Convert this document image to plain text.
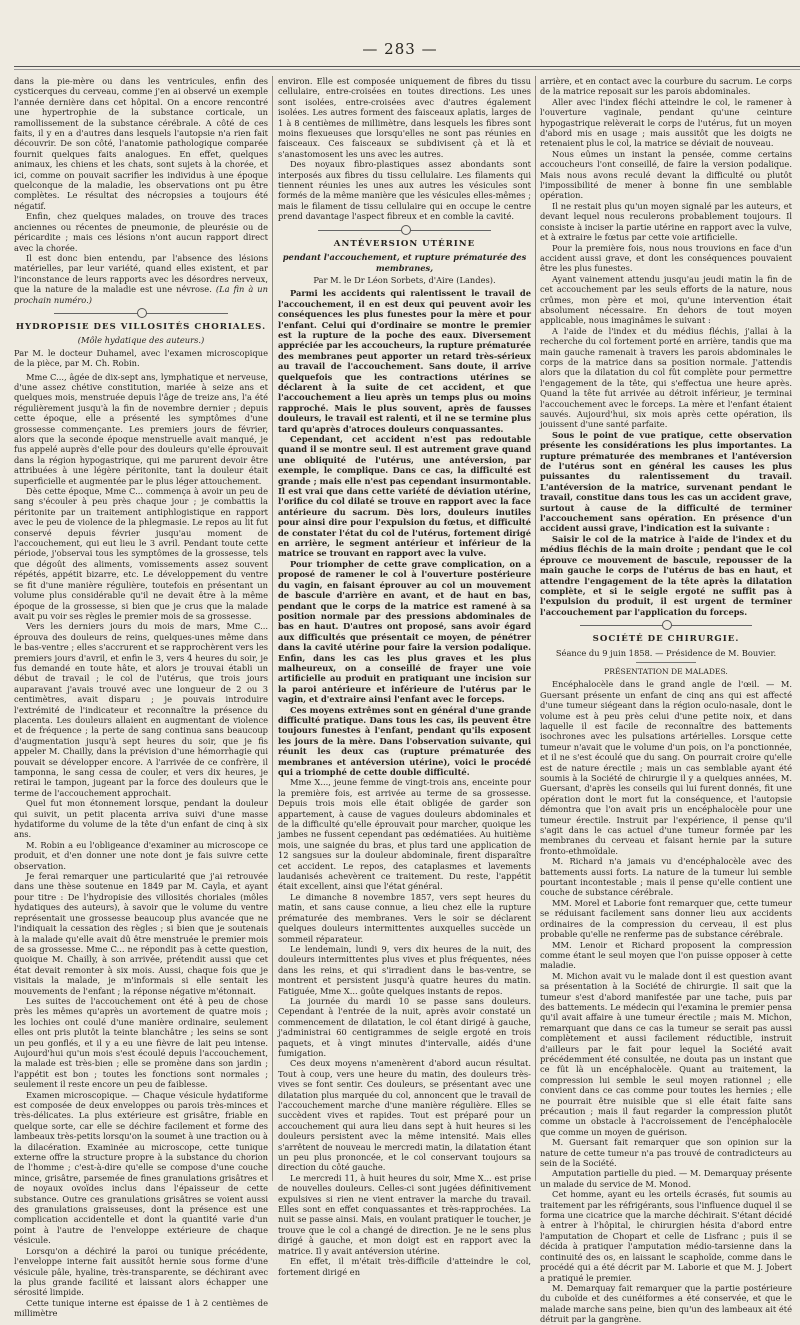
— 283 —

dans la pie-mère ou dans les ventricules, enfin des cysticerques du cerveau, comme j'en ai observé un exemple l'année dernière dans cet hôpital. On a encore rencontré une hypertrophie de la substance corticale, un ramollissement de la substance cérébrale. A côté de ces faits, il y en a d'autres dans lesquels l'autopsie n'a rien fait découvrir. De son côté, l'anatomie pathologique comparée fournit quelques faits analogues. En effet, quelques animaux, les chiens et les chats, sont sujets à la chorée, et ici, comme on pouvait sacrifier les individus à une époque quelconque de la maladie, les observations ont pu être complètes. Le résultat des nécropsies a toujours été négatif.

Enfin, chez quelques malades, on trouve des traces anciennes ou récentes de pneumonie, de pleurésie ou de péricardite ; mais ces lésions n'ont aucun rapport direct avec la chorée.

Il est donc bien entendu, par l'absence des lésions matérielles, par leur variété, quand elles existent, et par l'inconstance de leurs rapports avec les désordres nerveux, que la nature de la maladie est une névrose. (La fin à un prochain numéro.)

HYDROPISIE DES VILLOSITÉS CHORIALES.
(Môle hydatique des auteurs.)

Par M. le docteur Duhamel, avec l'examen microscopique de la pièce, par M. Ch. Robin.

Mme C..., âgée de dix-sept ans, lymphatique et nerveuse, d'une assez chétive constitution, mariée à seize ans et quelques mois, menstruée depuis l'âge de treize ans, l'a été régulièrement jusqu'à la fin de novembre dernier ; depuis cette époque, elle a présenté les symptômes d'une grossesse commençante. Les premiers jours de février, alors que la seconde époque menstruelle avait manqué, je fus appelé auprès d'elle pour des douleurs qu'elle éprouvait dans la région hypogastrique, qui me parurent devoir être attribuées à une légère péritonite, tant la douleur était superficielle et augmentée par le plus léger attouchement.

Dès cette époque, Mme C... commença à avoir un peu de sang s'écouler à peu près chaque jour ; je combattis la péritonite par un traitement antiphlogistique en rapport avec le peu de violence de la phlegmasie. Le repos au lit fut conservé depuis février jusqu'au moment de l'accouchement, qui eut lieu le 3 avril. Pendant toute cette période, j'observai tous les symptômes de la grossesse, tels que dégoût des aliments, vomissements assez souvent répétés, appétit bizarre, etc. Le développement du ventre se fit d'une manière régulière, toutefois en présentant un volume plus considérable qu'il ne devait être à la même époque de la grossesse, si bien que je crus que la malade avait pu voir ses règles le premier mois de sa grossesse.

Vers les derniers jours du mois de mars, Mme C... éprouva des douleurs de reins, quelques-unes même dans le bas-ventre ; elles s'accrurent et se rapprochèrent vers les premiers jours d'avril, et enfin le 3, vers 4 heures du soir, je fus demandé en toute hâte, et alors je trouvai établi un début de travail ; le col de l'utérus, que trois jours auparavant j'avais trouvé avec une longueur de 2 ou 3 centimètres, avait disparu ; je pouvais introduire l'extrémité de l'indicateur et reconnaître la présence du placenta. Les douleurs allaient en augmentant de violence et de fréquence ; la perte de sang continua sans beaucoup d'augmentation jusqu'à sept heures du soir, que je fis appeler M. Chailly, dans la prévision d'une hémorrhagie qui pouvait se développer encore. A l'arrivée de ce confrère, il tamponna, le sang cessa de couler, et vers dix heures, je retirai le tampon, jugeant par la force des douleurs que le terme de l'accouchement approchait.

Quel fut mon étonnement lorsque, pendant la douleur qui suivit, un petit placenta arriva suivi d'une masse hydatiforme du volume de la tête d'un enfant de cinq à six ans.

M. Robin a eu l'obligeance d'examiner au microscope ce produit, et d'en donner une note dont je fais suivre cette observation.

Je ferai remarquer une particularité que j'ai retrouvée dans une thèse soutenue en 1849 par M. Cayla, et ayant pour titre : De l'hydropisie des villosités choriales (môles hydatiques des auteurs), à savoir que le volume du ventre représentait une grossesse beaucoup plus avancée que ne l'indiquait la cessation des règles ; si bien que je soutenais à la malade qu'elle avait dû être menstruée le premier mois de sa grossesse. Mme C... ne répondit pas à cette question, quoique M. Chailly, à son arrivée, prétendit aussi que cet état devait remonter à six mois. Aussi, chaque fois que je visitais la malade, je m'informais si elle sentait les mouvements de l'enfant ; la réponse négative m'étonnait.

Les suites de l'accouchement ont été à peu de chose près les mêmes qu'après un avortement de quatre mois ; les lochies ont coulé d'une manière ordinaire, seulement elles ont pris plutôt la teinte blanchâtre ; les seins se sont un peu gonflés, et il y a eu une fièvre de lait peu intense. Aujourd'hui qu'un mois s'est écoulé depuis l'accouchement, la malade est très-bien ; elle se promène dans son jardin ; l'appétit est bon ; toutes les fonctions sont normales ; seulement il reste encore un peu de faiblesse.

Examen microscopique. — Chaque vésicule hydatiforme est composée de deux enveloppes ou parois très-minces et très-délicates. La plus extérieure est grisâtre, friable en quelque sorte, car elle se déchire facilement et forme des lambeaux très-petits lorsqu'on la soumet à une traction ou à la dilacération. Examinée au microscope, cette tunique externe offre la structure propre à la substance du chorion de l'homme ; c'est-à-dire qu'elle se compose d'une couche mince, grisâtre, parsemée de fines granulations grisâtres et de noyaux ovoïdes inclus dans l'épaisseur de cette substance. Outre ces granulations grisâtres se voient aussi des granulations graisseuses, dont la présence est une complication accidentelle et dont la quantité varie d'un point à l'autre de l'enveloppe extérieure de chaque vésicule.

Lorsqu'on a déchiré la paroi ou tunique précédente, l'enveloppe interne fait aussitôt hernie sous forme d'une vésicule pâle, hyaline, très-transparente, se déchirant avec la plus grande facilité et laissant alors échapper une sérosité limpide.

Cette tunique interne est épaisse de 1 à 2 centièmes de millimètre

environ. Elle est composée uniquement de fibres du tissu cellulaire, entre-croisées en toutes directions. Les unes sont isolées, entre-croisées avec d'autres également isolées. Les autres forment des faisceaux aplatis, larges de 1 à 8 centièmes de millimètre, dans lesquels les fibres sont moins flexueuses que lorsqu'elles ne sont pas réunies en faisceaux. Ces faisceaux se subdivisent çà et là et s'anastomosent les uns avec les autres.

Des noyaux fibro-plastiques assez abondants sont interposés aux fibres du tissu cellulaire. Les filaments qui tiennent réunies les unes aux autres les vésicules sont formés de la même manière que les vésicules elles-mêmes ; mais le filament de tissu cellulaire qui en occupe le centre prend davantage l'aspect fibreux et en comble la cavité.

ANTÉVERSION UTÉRINE
pendant l'accouchement, et rupture prématurée des membranes,

Par M. le Dr Léon Sorbets, d'Aire (Landes).

Parmi les accidents qui ralentissent le travail de l'accouchement, il en est deux qui peuvent avoir les conséquences les plus funestes pour la mère et pour l'enfant. Celui qui d'ordinaire se montre le premier est la rupture de la poche des eaux. Diversement appréciée par les accoucheurs, la rupture prématurée des membranes peut apporter un retard très-sérieux au travail de l'accouchement. Sans doute, il arrive quelquefois que les contractions utérines se déclarent à la suite de cet accident, et que l'accouchement a lieu après un temps plus ou moins rapproché. Mais le plus souvent, après de fausses douleurs, le travail est ralenti, et il ne se termine plus tard qu'après d'atroces douleurs conquassantes.

Cependant, cet accident n'est pas redoutable quand il se montre seul. Il est autrement grave quand une obliquité de l'utérus, une antéversion, par exemple, le complique. Dans ce cas, la difficulté est grande ; mais elle n'est pas cependant insurmontable. Il est vrai que dans cette variété de déviation utérine, l'orifice du col dilaté se trouve en rapport avec la face antérieure du sacrum. Dès lors, douleurs inutiles pour ainsi dire pour l'expulsion du fœtus, et difficulté de constater l'état du col de l'utérus, fortement dirigé en arrière, le segment antérieur et inférieur de la matrice se trouvant en rapport avec la vulve.

Pour triompher de cette grave complication, on a proposé de ramener le col à l'ouverture postérieure du vagin, en faisant éprouver au col un mouvement de bascule d'arrière en avant, et de haut en bas, pendant que le corps de la matrice est ramené à sa position normale par des pressions abdominales de bas en haut. D'autres ont proposé, sans avoir égard aux difficultés que présentait ce moyen, de pénétrer dans la cavité utérine pour faire la version podalique. Enfin, dans les cas les plus graves et les plus malheureux, on a conseillé de frayer une voie artificielle au produit en pratiquant une incision sur la paroi antérieure et inférieure de l'utérus par le vagin, et d'extraire ainsi l'enfant avec le forceps.

Ces moyens extrêmes sont en général d'une grande difficulté pratique. Dans tous les cas, ils peuvent être toujours funestes à l'enfant, pendant qu'ils exposent les jours de la mère. Dans l'observation suivante, qui réunit les deux cas (rupture prématurée des membranes et antéversion utérine), voici le procédé qui a triomphé de cette double difficulté.

Mme X..., jeune femme de vingt-trois ans, enceinte pour la première fois, est arrivée au terme de sa grossesse. Depuis trois mois elle était obligée de garder son appartement, à cause de vagues douleurs abdominales et de la difficulté qu'elle éprouvait pour marcher, quoique les jambes ne fussent cependant pas œdématiées. Au huitième mois, une saignée du bras, et plus tard une application de 12 sangsues sur la douleur abdominale, firent disparaître cet accident. Le repos, des cataplasmes et lavements laudanisés achevèrent ce traitement. Du reste, l'appétit était excellent, ainsi que l'état général.

Le dimanche 8 novembre 1857, vers sept heures du matin, et sans cause connue, a lieu chez elle la rupture prématurée des membranes. Vers le soir se déclarent quelques douleurs intermittentes auxquelles succède un sommeil réparateur.

Le lendemain, lundi 9, vers dix heures de la nuit, des douleurs intermittentes plus vives et plus fréquentes, nées dans les reins, et qui s'irradient dans le bas-ventre, se montrent et persistent jusqu'à quatre heures du matin. Fatiguée, Mme X... goûte quelques instants de repos.

La journée du mardi 10 se passe sans douleurs. Cependant à l'entrée de la nuit, après avoir constaté un commencement de dilatation, le col étant dirigé à gauche, j'administrai 60 centigrammes de seigle ergoté en trois paquets, et à vingt minutes d'intervalle, aidés d'une fumigation.

Ces deux moyens n'amenèrent d'abord aucun résultat. Tout à coup, vers une heure du matin, des douleurs très-vives se font sentir. Ces douleurs, se présentant avec une dilatation plus marquée du col, annoncent que le travail de l'accouchement marche d'une manière régulière. Elles se succèdent vives et rapides. Tout est préparé pour un accouchement qui aura lieu dans sept à huit heures si les douleurs persistent avec la même intensité. Mais elles s'arrêtent de nouveau le mercredi matin, la dilatation étant un peu plus prononcée, et le col conservant toujours sa direction du côté gauche.

Le mercredi 11, à huit heures du soir, Mme X... est prise de nouvelles douleurs. Celles-ci sont jugées définitivement expulsives si rien ne vient entraver la marche du travail. Elles sont en effet conquassantes et très-rapprochées. La nuit se passe ainsi. Mais, en voulant pratiquer le toucher, je trouve que le col a changé de direction. Je ne le sens plus dirigé à gauche, et mon doigt est en rapport avec la matrice. Il y avait antéversion utérine.

En effet, il m'était très-difficile d'atteindre le col, fortement dirigé en

arrière, et en contact avec la courbure du sacrum. Le corps de la matrice reposait sur les parois abdominales.

Aller avec l'index fléchi atteindre le col, le ramener à l'ouverture vaginale, pendant qu'une ceinture hypogastrique relèverait le corps de l'utérus, fut un moyen d'abord mis en usage ; mais aussitôt que les doigts ne retenaient plus le col, la matrice se déviait de nouveau.

Nous eûmes un instant la pensée, comme certains accoucheurs l'ont conseillé, de faire la version podalique. Mais nous avons reculé devant la difficulté ou plutôt l'impossibilité de mener à bonne fin une semblable opération.

Il ne restait plus qu'un moyen signalé par les auteurs, et devant lequel nous reculerons probablement toujours. Il consiste à inciser la partie utérine en rapport avec la vulve, et à extraire le fœtus par cette voie artificielle.

Pour la première fois, nous nous trouvions en face d'un accident aussi grave, et dont les conséquences pouvaient être les plus funestes.

Ayant vainement attendu jusqu'au jeudi matin la fin de cet accouchement par les seuls efforts de la nature, nous crûmes, mon père et moi, qu'une intervention était absolument nécessaire. En dehors de tout moyen applicable, nous imaginâmes le suivant :

A l'aide de l'index et du médius fléchis, j'allai à la recherche du col fortement porté en arrière, tandis que ma main gauche ramenait à travers les parois abdominales le corps de la matrice dans sa position normale. J'attendis alors que la dilatation du col fût complète pour permettre l'engagement de la tête, qui s'effectua une heure après. Quand la tête fut arrivée au détroit inférieur, je terminai l'accouchement avec le forceps. La mère et l'enfant étaient sauvés. Aujourd'hui, six mois après cette opération, ils jouissent d'une santé parfaite.

Sous le point de vue pratique, cette observation présente les considérations les plus importantes. La rupture prématurée des membranes et l'antéversion de l'utérus sont en général les causes les plus puissantes du ralentissement du travail. L'antéversion de la matrice, survenant pendant le travail, constitue dans tous les cas un accident grave, surtout à cause de la difficulté de terminer l'accouchement sans opération. En présence d'un accident aussi grave, l'indication est la suivante :

Saisir le col de la matrice à l'aide de l'index et du médius fléchis de la main droite ; pendant que le col éprouve ce mouvement de bascule, repousser de la main gauche le corps de l'utérus de bas en haut, et attendre l'engagement de la tête après la dilatation complète, et si le seigle ergoté ne suffit pas à l'expulsion du produit, il est urgent de terminer l'accouchement par l'application du forceps.

SOCIÉTÉ DE CHIRURGIE.

Séance du 9 juin 1858. — Présidence de M. Bouvier.

PRÉSENTATION DE MALADES.

Encéphalocèle dans le grand angle de l'œil. — M. Guersant présente un enfant de cinq ans qui est affecté d'une tumeur siégeant dans la région oculo-nasale, dont le volume est à peu près celui d'une petite noix, et dans laquelle il est facile de reconnaître des battements isochrones avec les pulsations artérielles. Lorsque cette tumeur n'avait que le volume d'un pois, on l'a ponctionnée, et il ne s'est écoulé que du sang. On pourrait croire qu'elle est de nature érectile ; mais un cas semblable ayant été soumis à la Société de chirurgie il y a quelques années, M. Guersant, d'après les conseils qui lui furent donnés, fit une opération dont le mort fut la conséquence, et l'autopsie démontra que l'on avait pris un encéphalocèle pour une tumeur érectile. Instruit par l'expérience, il pense qu'il s'agit dans le cas actuel d'une tumeur formée par les membranes du cerveau et faisant hernie par la suture fronto-ethmoïdale.

M. Richard n'a jamais vu d'encéphalocèle avec des battements aussi forts. La nature de la tumeur lui semble pourtant incontestable ; mais il pense qu'elle contient une couche de substance cérébrale.

MM. Morel et Laborie font remarquer que, cette tumeur se réduisant facilement sans donner lieu aux accidents ordinaires de la compression du cerveau, il est plus probable qu'elle ne renferme pas de substance cérébrale.

MM. Lenoir et Richard proposent la compression comme étant le seul moyen que l'on puisse opposer à cette maladie.

M. Michon avait vu le malade dont il est question avant sa présentation à la Société de chirurgie. Il sait que la tumeur s'est d'abord manifestée par une tache, puis par des battements. Le médecin qui l'examina le premier pensa qu'il avait affaire à une tumeur érectile ; mais M. Michon, remarquant que dans ce cas la tumeur se serait pas aussi complètement et aussi facilement réductible, instruit d'ailleurs par le fait pour lequel la Société avait précédemment été consultée, ne douta pas un instant que ce fût là un encéphalocèle. Quant au traitement, la compression lui semble le seul moyen rationnel ; elle convient dans ce cas comme pour toutes les hernies ; elle ne pourrait être nuisible que si elle était faite sans précaution ; mais il faut regarder la compression plutôt comme un obstacle à l'accroissement de l'encéphalocèle que comme un moyen de guérison.

M. Guersant fait remarquer que son opinion sur la nature de cette tumeur n'a pas trouvé de contradicteurs au sein de la Société.

Amputation partielle du pied. — M. Demarquay présente un malade du service de M. Monod.

Cet homme, ayant eu les orteils écrasés, fut soumis au traitement par les réfrigérants, sous l'influence duquel il se forma une cicatrice que la marche déchirait. S'étant décidé à entrer à l'hôpital, le chirurgien hésita d'abord entre l'amputation de Chopart et celle de Lisfranc ; puis il se décida à pratiquer l'amputation médio-tarsienne dans la continuité des os, en laissant le scaphoïde, comme dans le procédé qui a été décrit par M. Laborie et que M. J. Jobert a pratiqué le premier.

M. Demarquay fait remarquer que la partie postérieure du cuboïde et des cunéiformes a été conservée, et que le malade marche sans peine, bien qu'un des lambeaux ait été détruit par la gangrène.
